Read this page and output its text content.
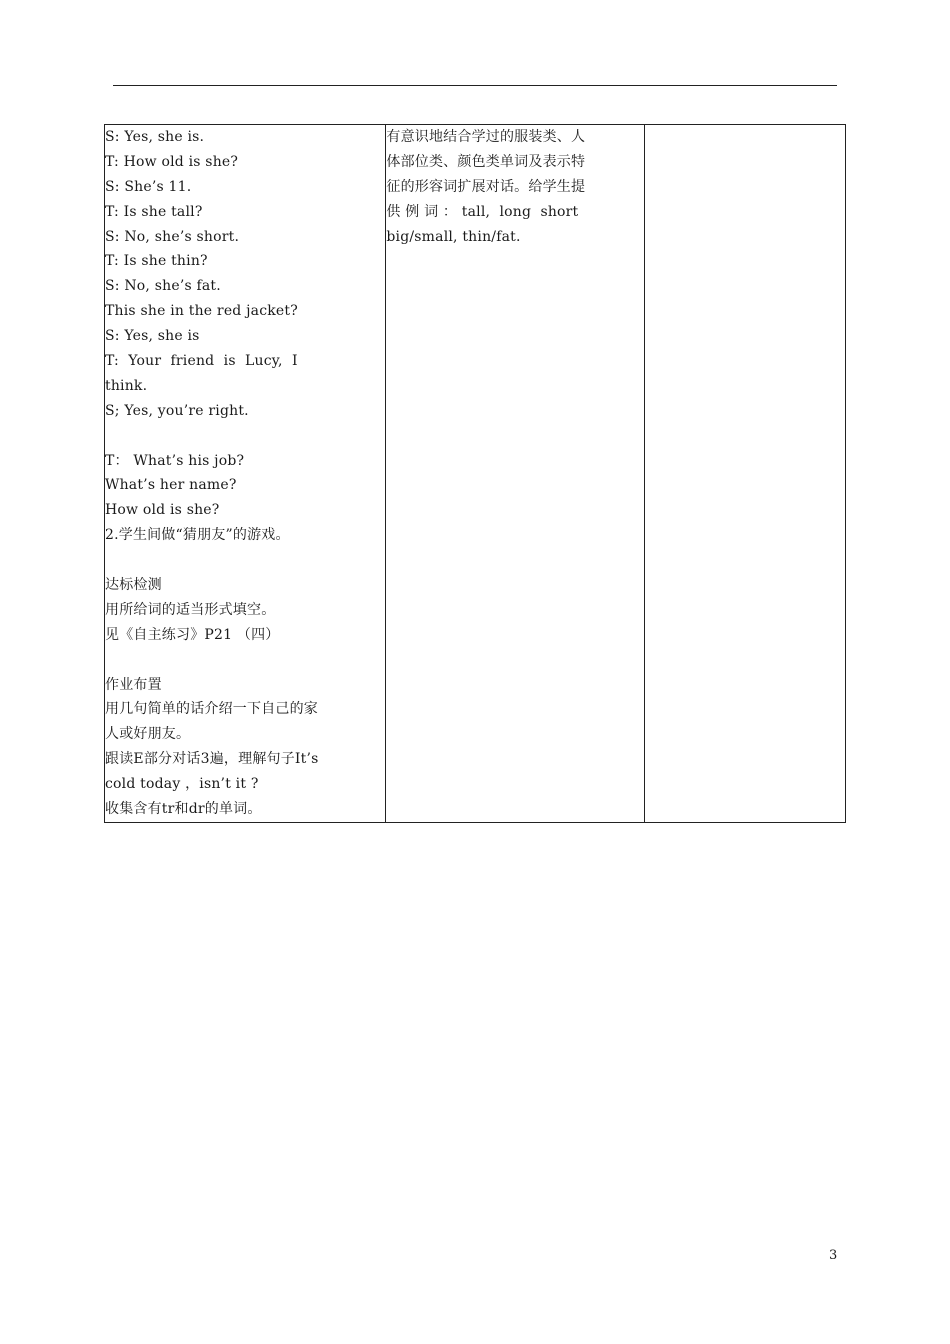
S: Yes, she is.
T: How old is she?
S: She’s 11.
T: Is she tall?
S: No, she’s short.
T: Is she thin?
S: No, she’s fat.
This she in the red jacket?
S: Yes, she is
T:  Your  friend  is  Lucy,  I
think.
S; Yes, you’re right.
T： What’s his job?
What’s her name?
How old is she?
2.学生间做“猜朋友”的游戏。
达标检测
用所给词的适当形式填空。
见《自主练习》P21 （四）
作业布置
用几句简单的话介绍一下自己的家
人或好朋友。
跟读E部分对话3遍，理解句子It’s
cold today ，isn’t it ?
收集含有tr和dr的单词。

有意识地结合学过的服装类、人
体部位类、颜色类单词及表示特
征的形容词扩展对话。给学生提
供 例 词 ： tall,  long  short
big/small, thin/fat.

3
